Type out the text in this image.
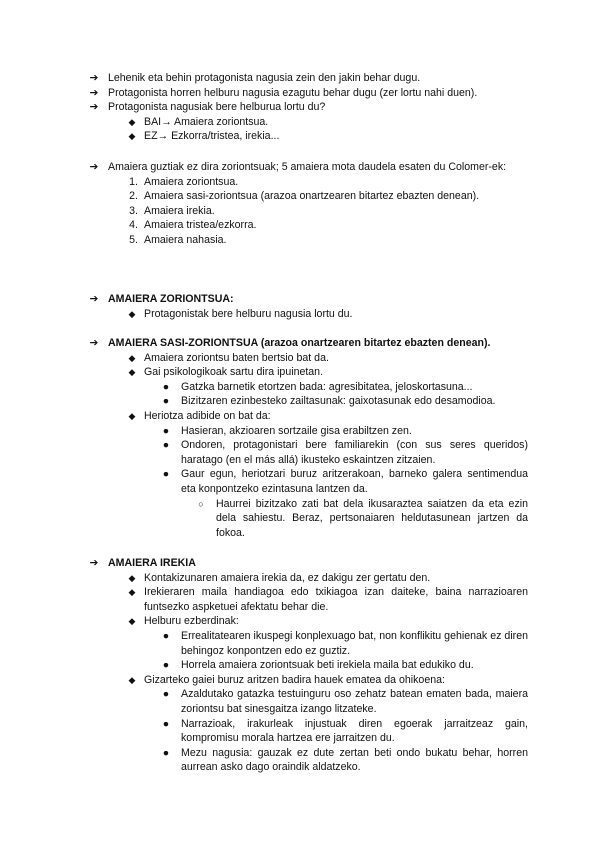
➔ Lehenik eta behin protagonista nagusia zein den jakin behar dugu.
➔ Protagonista horren helburu nagusia ezagutu behar dugu (zer lortu nahi duen).
➔ Protagonista nagusiak bere helburua lortu du?
◆ BAI→ Amaiera zoriontsua.
◆ EZ→ Ezkorra/tristea, irekia...
➔ Amaiera guztiak ez dira zoriontsuak; 5 amaiera mota daudela esaten du Colomer-ek:
1. Amaiera zoriontsua.
2. Amaiera sasi-zoriontsua (arazoa onartzearen bitartez ebazten denean).
3. Amaiera irekia.
4. Amaiera tristea/ezkorra.
5. Amaiera nahasia.
➔ AMAIERA ZORIONTSUA:
◆ Protagonistak bere helburu nagusia lortu du.
➔ AMAIERA SASI-ZORIONTSUA (arazoa onartzearen bitartez ebazten denean).
◆ Amaiera zoriontsu baten bertsio bat da.
◆ Gai psikologikoak sartu dira ipuinetan.
● Gatzka barnetik etortzen bada: agresibitatea, jeloskortasuna...
● Bizitzaren ezinbesteko zailtasunak: gaixotasunak edo desamodioa.
◆ Heriotza adibide on bat da:
● Hasieran, akzioaren sortzaile gisa erabiltzen zen.
● Ondoren, protagonistari bere familiarekin (con sus seres queridos) haratago (en el más allá) ikusteko eskaintzen zitzaien.
● Gaur egun, heriotzari buruz aritzerakoan, barneko galera sentimendua eta konpontzeko ezintasuna lantzen da.
○ Haurrei bizitzako zati bat dela ikusaraztea saiatzen da eta ezin dela sahiestu. Beraz, pertsonaiaren heldutasunean jartzen da fokoa.
➔ AMAIERA IREKIA
◆ Kontakizunaren amaiera irekia da, ez dakigu zer gertatu den.
◆ Irekieraren maila handiagoa edo txikiagoa izan daiteke, baina narrazioaren funtsezko aspketuei afektatu behar die.
◆ Helburu ezberdinak:
● Errealitatearen ikuspegi konplexuago bat, non konflikitu gehienak ez diren behingoz konpontzen edo ez guztiz.
● Horrela amaiera zoriontsuak beti irekiela maila bat edukiko du.
◆ Gizarteko gaiei buruz aritzen badira hauek ematea da ohikoena:
● Azaldutako gatazka testuinguru oso zehatz batean ematen bada, maiera zoriontsu bat sinesgaitza izango litzateke.
● Narrazioak, irakurleak injustuak diren egoerak jarraitzeaz gain, kompromisu morala hartzea ere jarraitzen du.
● Mezu nagusia: gauzak ez dute zertan beti ondo bukatu behar, horren aurrean asko dago oraindik aldatzeko.
